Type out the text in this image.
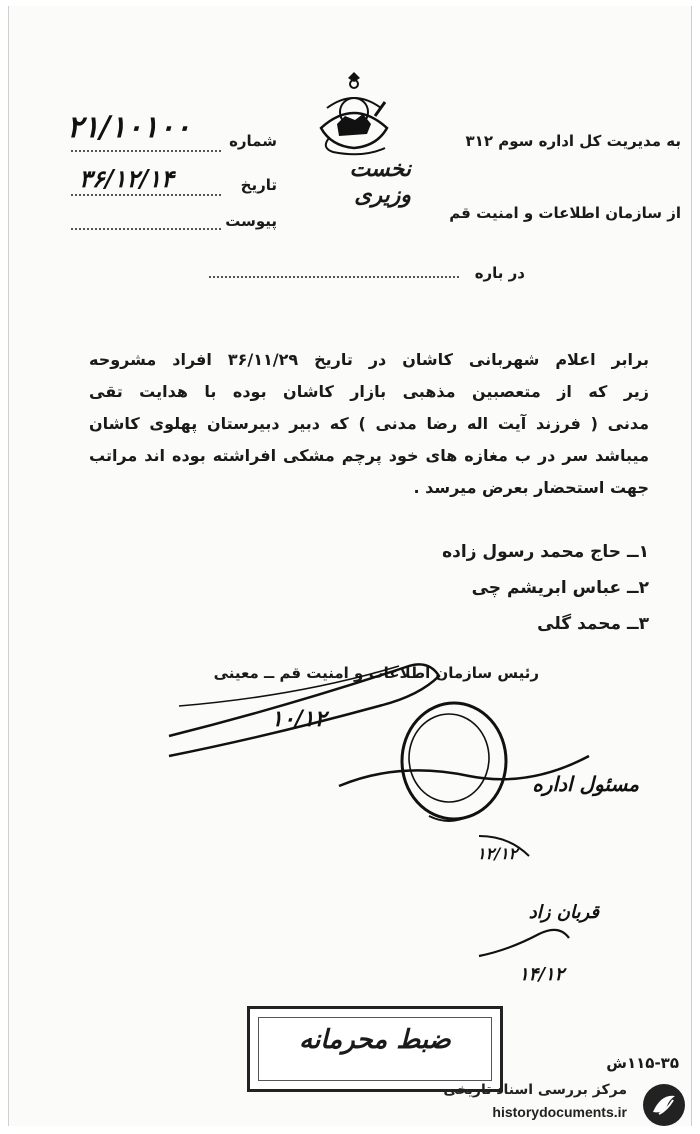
نخست وزیری
به مدیریت کل اداره سوم ۳۱۲
از سازمان اطلاعات و امنیت قم
در باره
شماره
۲۱/۱۰۱۰۰
تاریخ
۳۶/۱۲/۱۴
پیوست
برابر اعلام شهربانی کاشان در تاریخ ۳۶/۱۱/۲۹ افراد مشروحه
زیر که از متعصبین مذهبی بازار کاشان بوده با هدایت تقی
مدنی ( فرزند آیت اله رضا مدنی ) که دبیر دبیرستان پهلوی کاشان
میباشد سر در ب مغازه های خود پرچم مشکی افراشته بوده اند مراتب
جهت استحضار بعرض میرسد .
۱ــ حاج محمد رسول زاده
۲ــ عباس ابریشم چی
۳ــ محمد گلی
رئیس سازمان اطلاعات و امنیت قم ــ معینی
۱۰/۱۲
مسئول اداره
۱۲/۱۲
قربان زاد
۱۴/۱۲
ضبط محرمانه
۱۱۵-۳۵ش
مرکز بررسی اسناد تاریخی
historydocuments.ir
